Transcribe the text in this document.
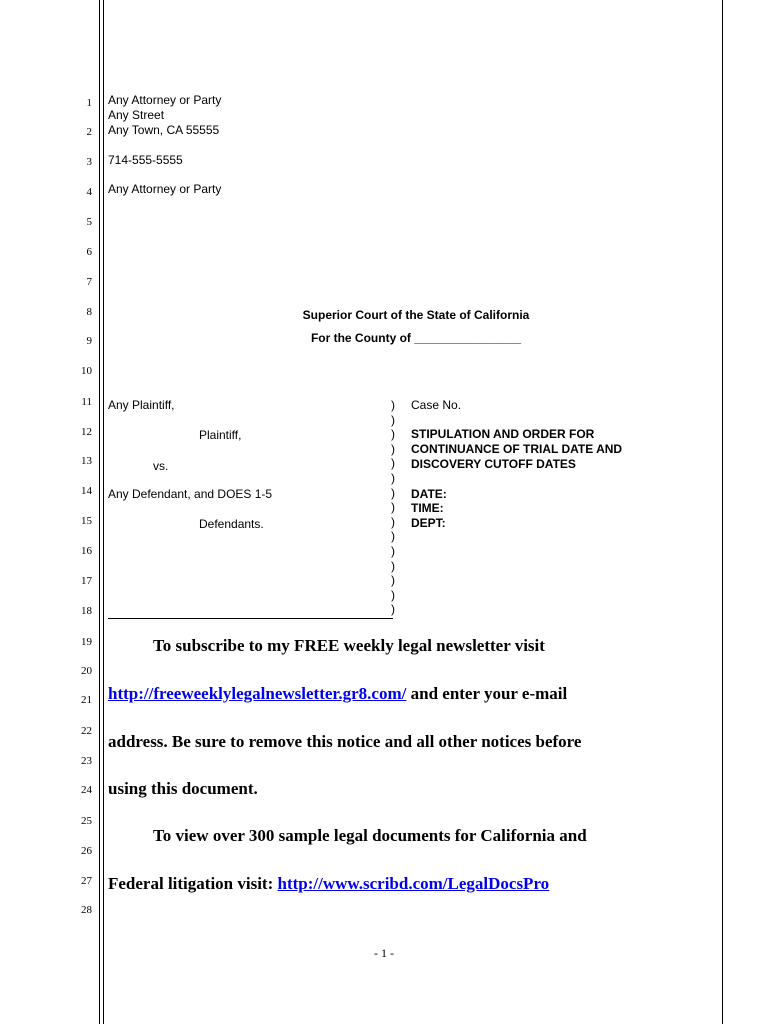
1
2
3
4
5
6
7
8
9
10
11
12
13
14
15
16
17
18
19
20
21
22
23
24
25
26
27
28
Any Attorney or Party
Any Street
Any Town, CA 55555
714-555-5555
Any Attorney or Party
Superior Court of the State of California
For the County of ________________
Any Plaintiff,
Plaintiff,
vs.
Any Defendant, and DOES 1-5
Defendants.
)
)
)
)
)
)
)
)
)
)
)
)
)
)
)
Case No.
STIPULATION AND ORDER FOR
CONTINUANCE OF TRIAL DATE AND
DISCOVERY CUTOFF DATES
DATE:
TIME:
DEPT:
To subscribe to my FREE weekly legal newsletter visit
http://freeweeklylegalnewsletter.gr8.com/ and enter your e-mail
address. Be sure to remove this notice and all other notices before
using this document.
To view over 300 sample legal documents for California and
Federal litigation visit: http://www.scribd.com/LegalDocsPro
- 1 -
